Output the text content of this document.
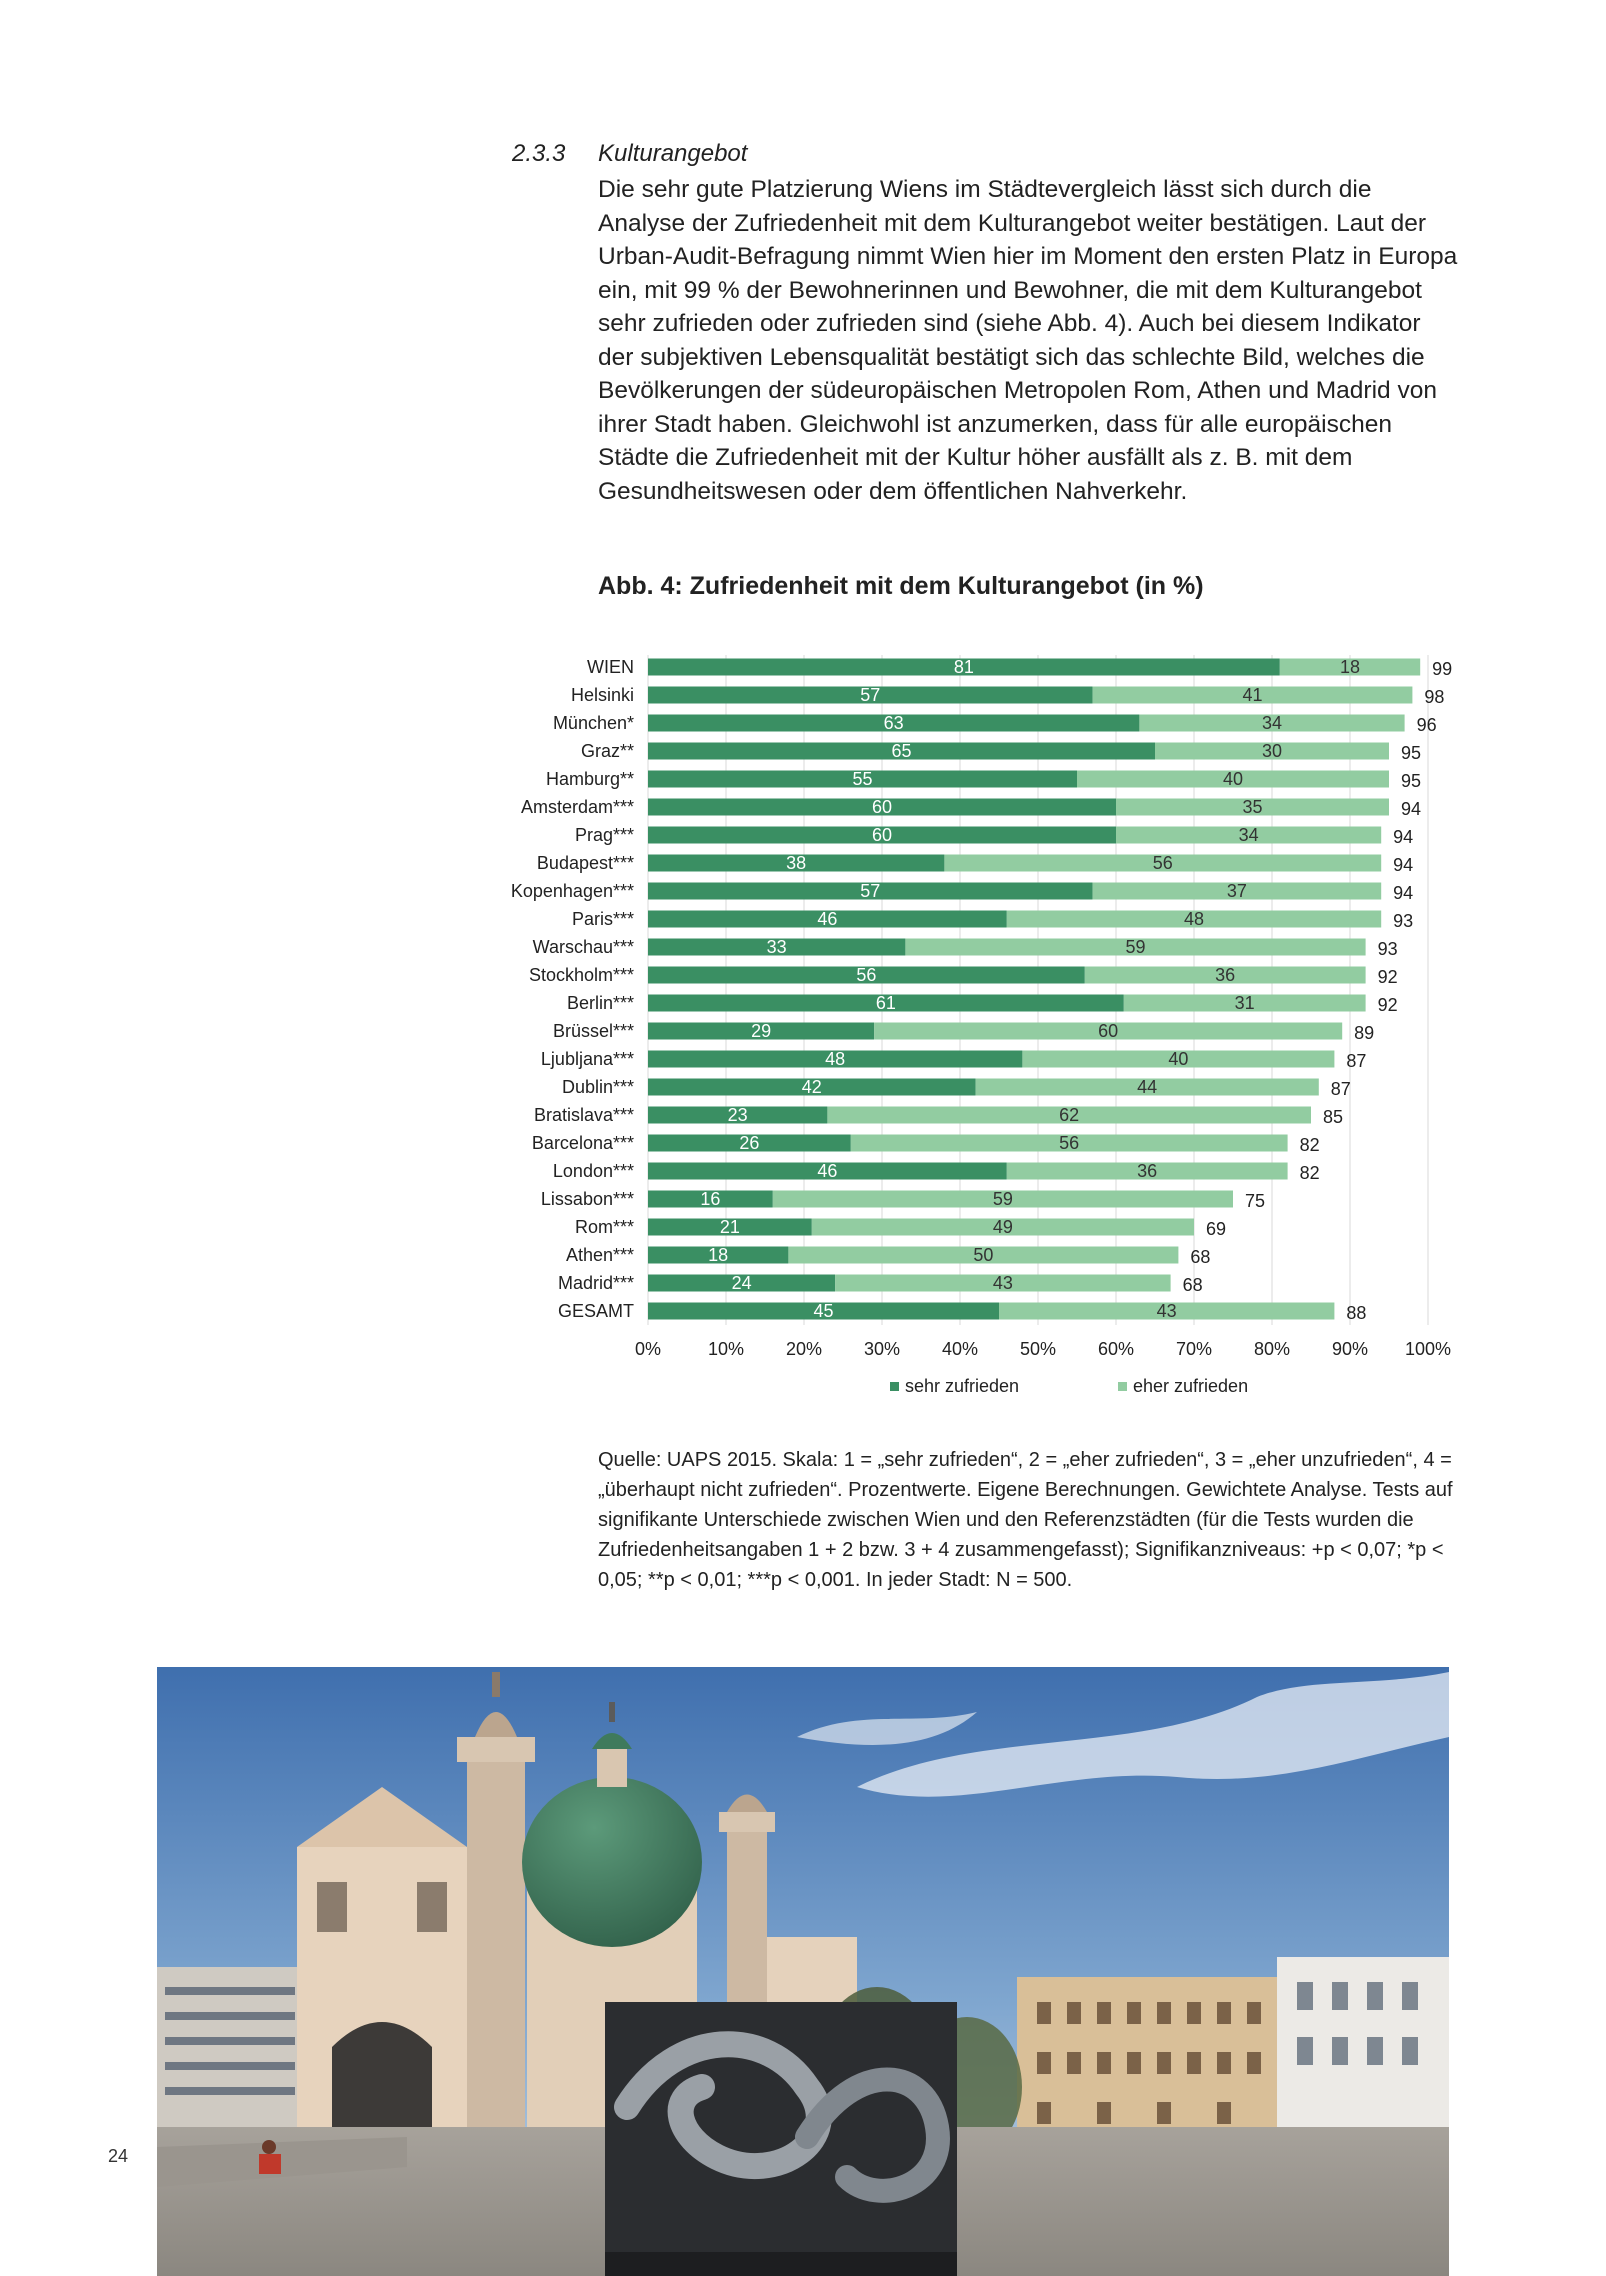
2.3.3 Kulturangebot

Die sehr gute Platzierung Wiens im Städtevergleich lässt sich durch die Analyse der Zufriedenheit mit dem Kulturangebot weiter bestätigen. Laut der Urban-Audit-Befragung nimmt Wien hier im Moment den ersten Platz in Europa ein, mit 99 % der Bewohnerinnen und Bewohner, die mit dem Kulturangebot sehr zufrieden oder zufrieden sind (siehe Abb. 4). Auch bei diesem Indikator der subjektiven Lebensqualität bestätigt sich das schlechte Bild, welches die Bevölkerungen der südeuropäischen Metropolen Rom, Athen und Madrid von ihrer Stadt haben. Gleichwohl ist anzumerken, dass für alle europäischen Städte die Zufriedenheit mit der Kultur höher ausfällt als z. B. mit dem Gesundheitswesen oder dem öffentlichen Nahverkehr.

Abb. 4: Zufriedenheit mit dem Kulturangebot (in %)
0%	10% 20% 30% 40% 50% 60% 70% 80% 90% 100%
WIEN	81	18	99
Helsinki	57	41	98
München*	63	34	96
Graz**	65	30	95
Hamburg**	55	40	95
Amsterdam***	60	35	94
Prag***	60	34	94
Budapest***	38	56	94
Kopenhagen***	57	37	94
Paris***	46	48	93
Warschau***	33	59	93
Stockholm***	56	36	92
Berlin***	61	31	92
Brüssel***	29	60	89
Ljubljana***	48	40	87
Dublin***	42	44	87
Bratislava***	23	62	85
Barcelona***	26	56	82
London***	46	36	82
Lissabon***	16	59	75
Rom***	21	49	69
Athen***	18	50	68
Madrid***	24	43	68
GESAMT	45	43	88
sehr zufrieden	eher zufrieden

Quelle: UAPS 2015. Skala: 1 = „sehr zufrieden“, 2 = „eher zufrieden“, 3 = „eher unzufrieden“, 4 = „überhaupt nicht zufrieden“. Prozentwerte. Eigene Berechnungen. Gewichtete Analyse. Tests auf signifikante Unterschiede zwischen Wien und den Referenzstädten (für die Tests wurden die Zufriedenheitsangaben 1 + 2 bzw. 3 + 4 zusammengefasst); Signifikanzniveaus: +p < 0,07; *p < 0,05; **p < 0,01; ***p < 0,001. In jeder Stadt: N = 500.

24
